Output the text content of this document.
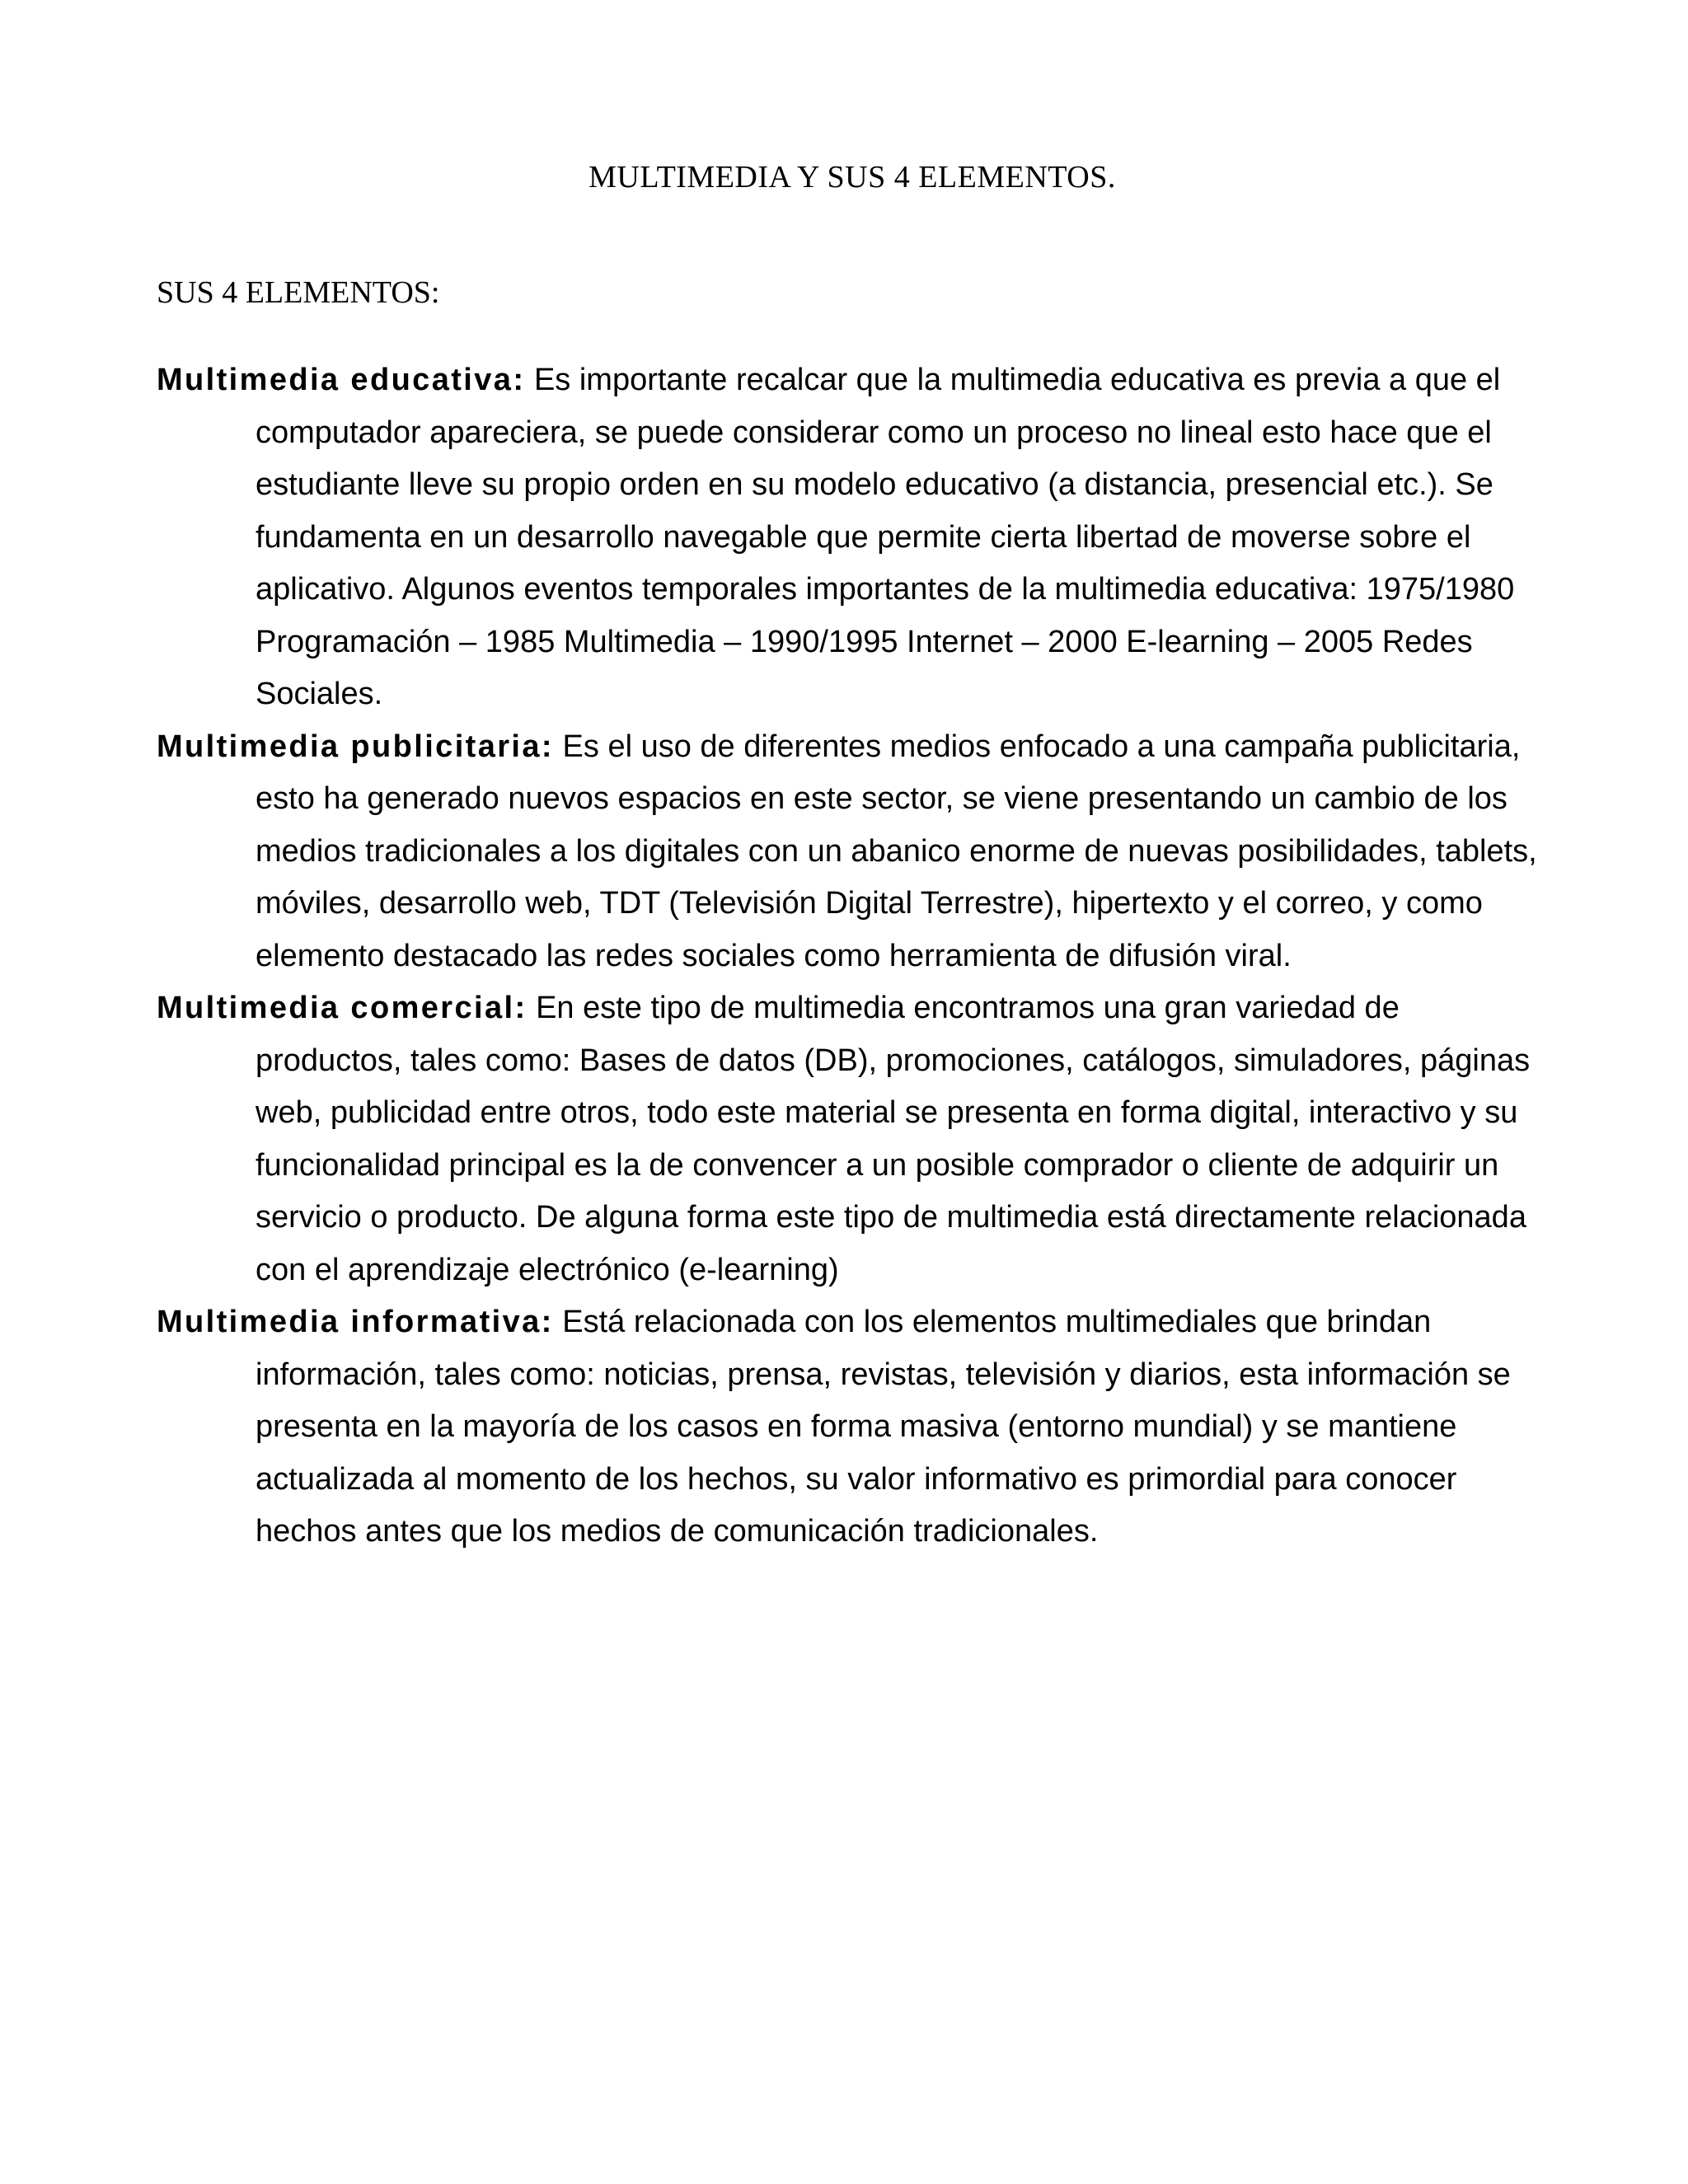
MULTIMEDIA Y SUS 4 ELEMENTOS.
SUS 4 ELEMENTOS:

Multimedia educativa: Es importante recalcar que la multimedia educativa es previa a que el computador apareciera, se puede considerar como un proceso no lineal esto hace que el estudiante lleve su propio orden en su modelo educativo (a distancia, presencial etc.). Se fundamenta en un desarrollo navegable que permite cierta libertad de moverse sobre el aplicativo. Algunos eventos temporales importantes de la multimedia educativa: 1975/1980 Programación – 1985 Multimedia – 1990/1995 Internet – 2000 E-learning – 2005 Redes Sociales.

Multimedia publicitaria: Es el uso de diferentes medios enfocado a una campaña publicitaria, esto ha generado nuevos espacios en este sector, se viene presentando un cambio de los medios tradicionales a los digitales con un abanico enorme de nuevas posibilidades, tablets, móviles, desarrollo web, TDT (Televisión Digital Terrestre), hipertexto y el correo, y como elemento destacado las redes sociales como herramienta de difusión viral.

Multimedia comercial: En este tipo de multimedia encontramos una gran variedad de productos, tales como: Bases de datos (DB), promociones, catálogos, simuladores, páginas web, publicidad entre otros, todo este material se presenta en forma digital, interactivo y su funcionalidad principal es la de convencer a un posible comprador o cliente de adquirir un servicio o producto. De alguna forma este tipo de multimedia está directamente relacionada con el aprendizaje electrónico (e-learning)

Multimedia informativa: Está relacionada con los elementos multimediales que brindan información, tales como: noticias, prensa, revistas, televisión y diarios, esta información se presenta en la mayoría de los casos en forma masiva (entorno mundial) y se mantiene actualizada al momento de los hechos, su valor informativo es primordial para conocer hechos antes que los medios de comunicación tradicionales.
